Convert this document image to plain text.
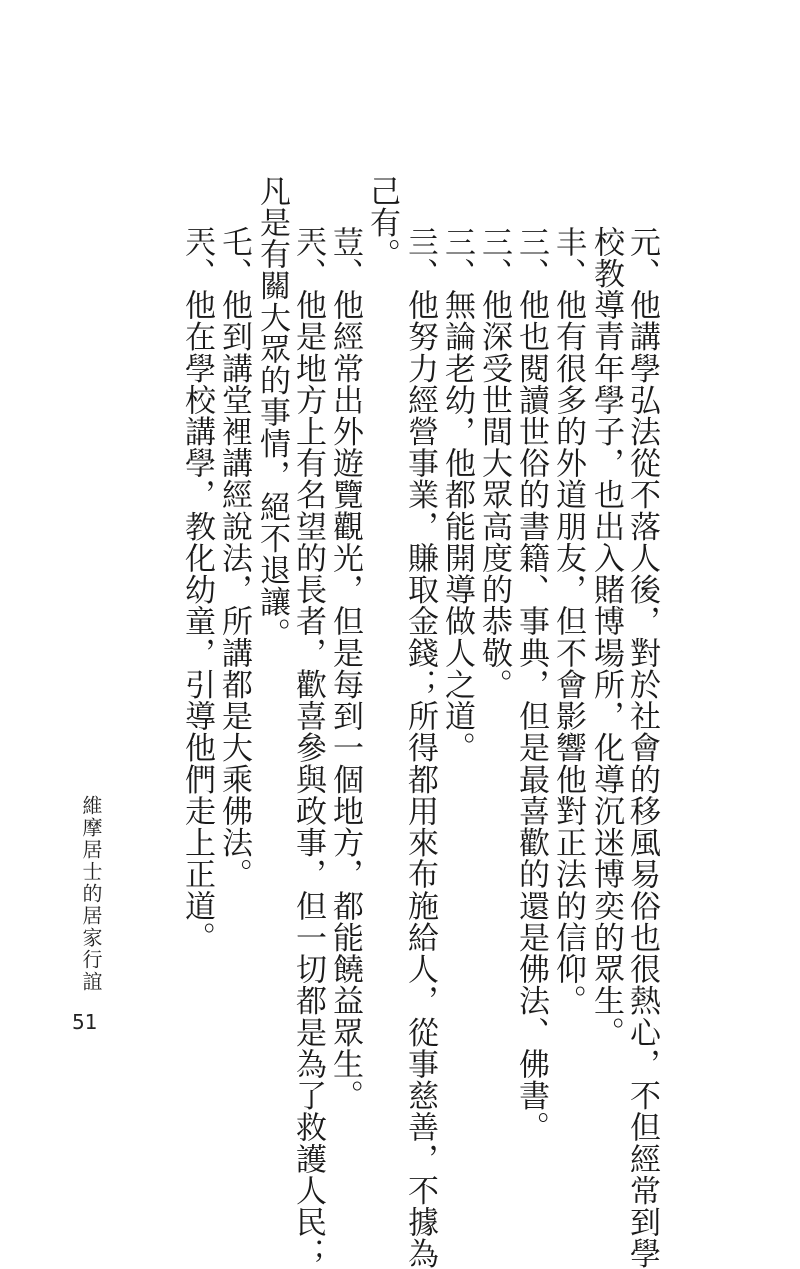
元、他講學弘法從不落人後，對於社會的移風易俗也很熱心，不但經常到學
校教導青年學子，也出入賭博場所，化導沉迷博奕的眾生。
丰、他有很多的外道朋友，但不會影響他對正法的信仰。
三、他也閱讀世俗的書籍、事典，但是最喜歡的還是佛法、佛書。
三、他深受世間大眾高度的恭敬。
三、無論老幼，他都能開導做人之道。
亖、他努力經營事業，賺取金錢；所得都用來布施給人，從事慈善，不據為
己有。
荳、他經常出外遊覽觀光，但是每到一個地方，都能饒益眾生。
兲、他是地方上有名望的長者，歡喜參與政事，但一切都是為了救護人民；
凡是有關大眾的事情，絕不退讓。
乇、他到講堂裡講經說法，所講都是大乘佛法。
兲、他在學校講學，教化幼童，引導他們走上正道。
維摩居士的居家行誼
51
